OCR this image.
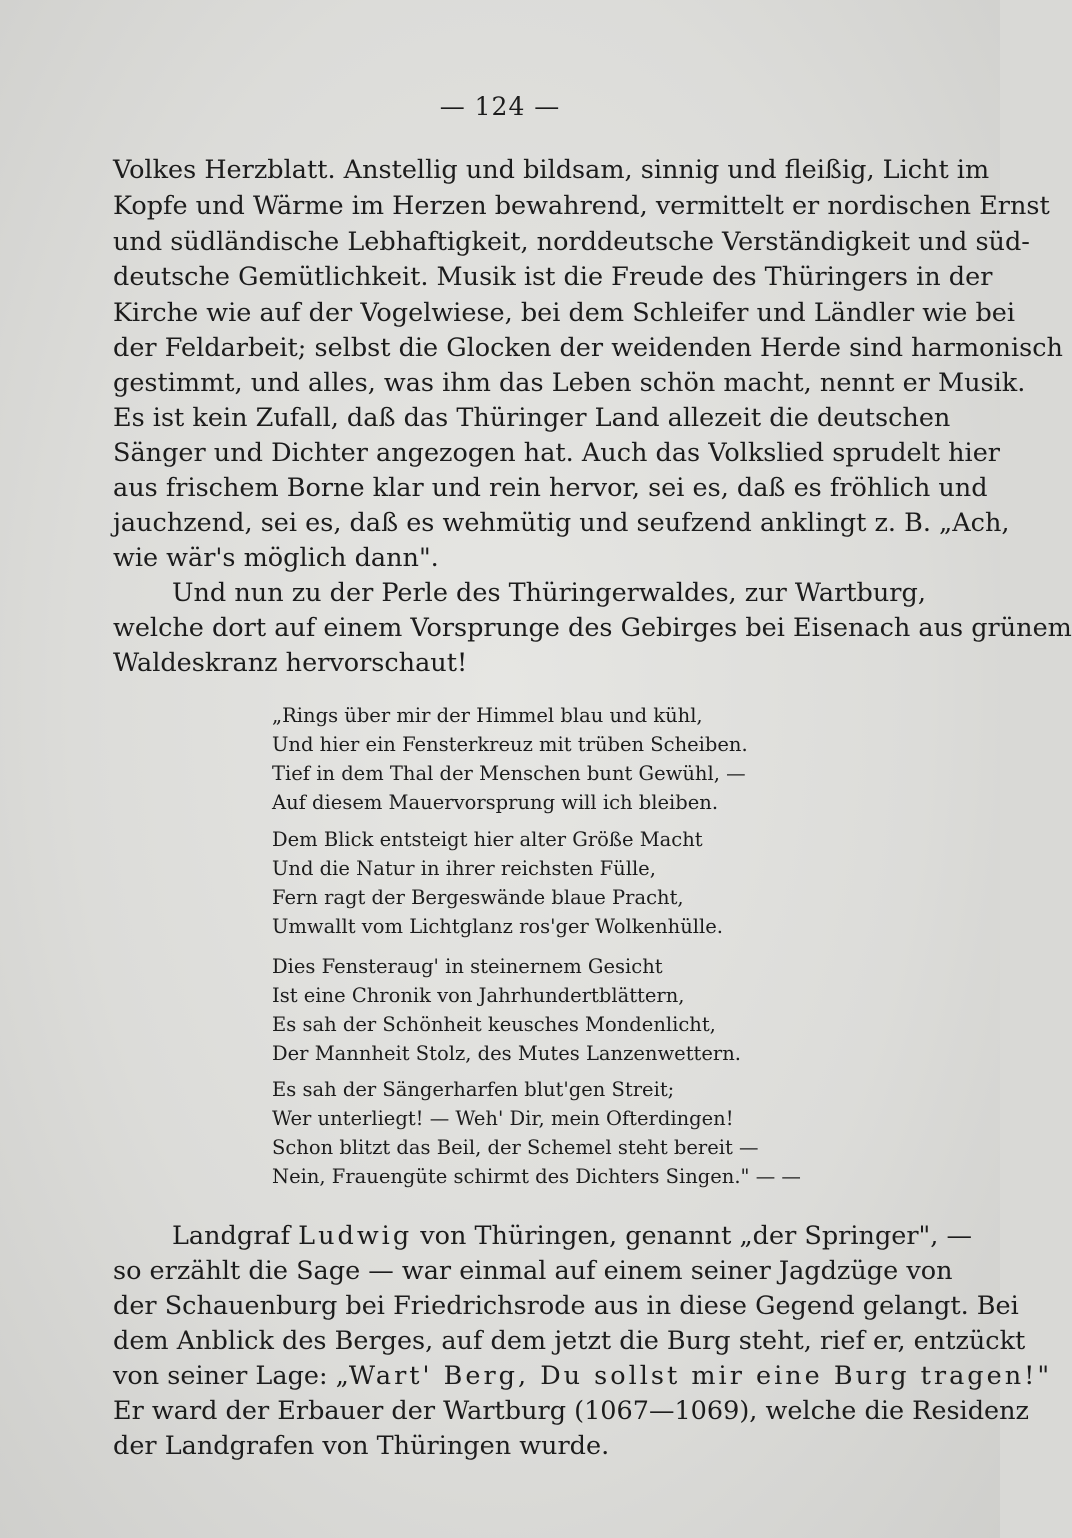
— 124 —
Volkes Herzblatt. Anstellig und bildsam, sinnig und fleißig, Licht im
Kopfe und Wärme im Herzen bewahrend, vermittelt er nordischen Ernst
und südländische Lebhaftigkeit, norddeutsche Verständigkeit und süd-
deutsche Gemütlichkeit. Musik ist die Freude des Thüringers in der
Kirche wie auf der Vogelwiese, bei dem Schleifer und Ländler wie bei
der Feldarbeit; selbst die Glocken der weidenden Herde sind harmonisch
gestimmt, und alles, was ihm das Leben schön macht, nennt er Musik.
Es ist kein Zufall, daß das Thüringer Land allezeit die deutschen
Sänger und Dichter angezogen hat. Auch das Volkslied sprudelt hier
aus frischem Borne klar und rein hervor, sei es, daß es fröhlich und
jauchzend, sei es, daß es wehmütig und seufzend anklingt z. B. „Ach,
wie wär's möglich dann".
Und nun zu der Perle des Thüringerwaldes, zur Wartburg,
welche dort auf einem Vorsprunge des Gebirges bei Eisenach aus grünem
Waldeskranz hervorschaut!
„Rings über mir der Himmel blau und kühl,
Und hier ein Fensterkreuz mit trüben Scheiben.
Tief in dem Thal der Menschen bunt Gewühl, —
Auf diesem Mauervorsprung will ich bleiben.
Dem Blick entsteigt hier alter Größe Macht
Und die Natur in ihrer reichsten Fülle,
Fern ragt der Bergeswände blaue Pracht,
Umwallt vom Lichtglanz ros'ger Wolkenhülle.
Dies Fensteraug' in steinernem Gesicht
Ist eine Chronik von Jahrhundertblättern,
Es sah der Schönheit keusches Mondenlicht,
Der Mannheit Stolz, des Mutes Lanzenwettern.
Es sah der Sängerharfen blut'gen Streit;
Wer unterliegt! — Weh' Dir, mein Ofterdingen!
Schon blitzt das Beil, der Schemel steht bereit —
Nein, Frauengüte schirmt des Dichters Singen." — —
Landgraf Ludwig von Thüringen, genannt „der Springer", —
so erzählt die Sage — war einmal auf einem seiner Jagdzüge von
der Schauenburg bei Friedrichsrode aus in diese Gegend gelangt. Bei
dem Anblick des Berges, auf dem jetzt die Burg steht, rief er, entzückt
von seiner Lage: „Wart' Berg, Du sollst mir eine Burg tragen!"
Er ward der Erbauer der Wartburg (1067—1069), welche die Residenz
der Landgrafen von Thüringen wurde.
